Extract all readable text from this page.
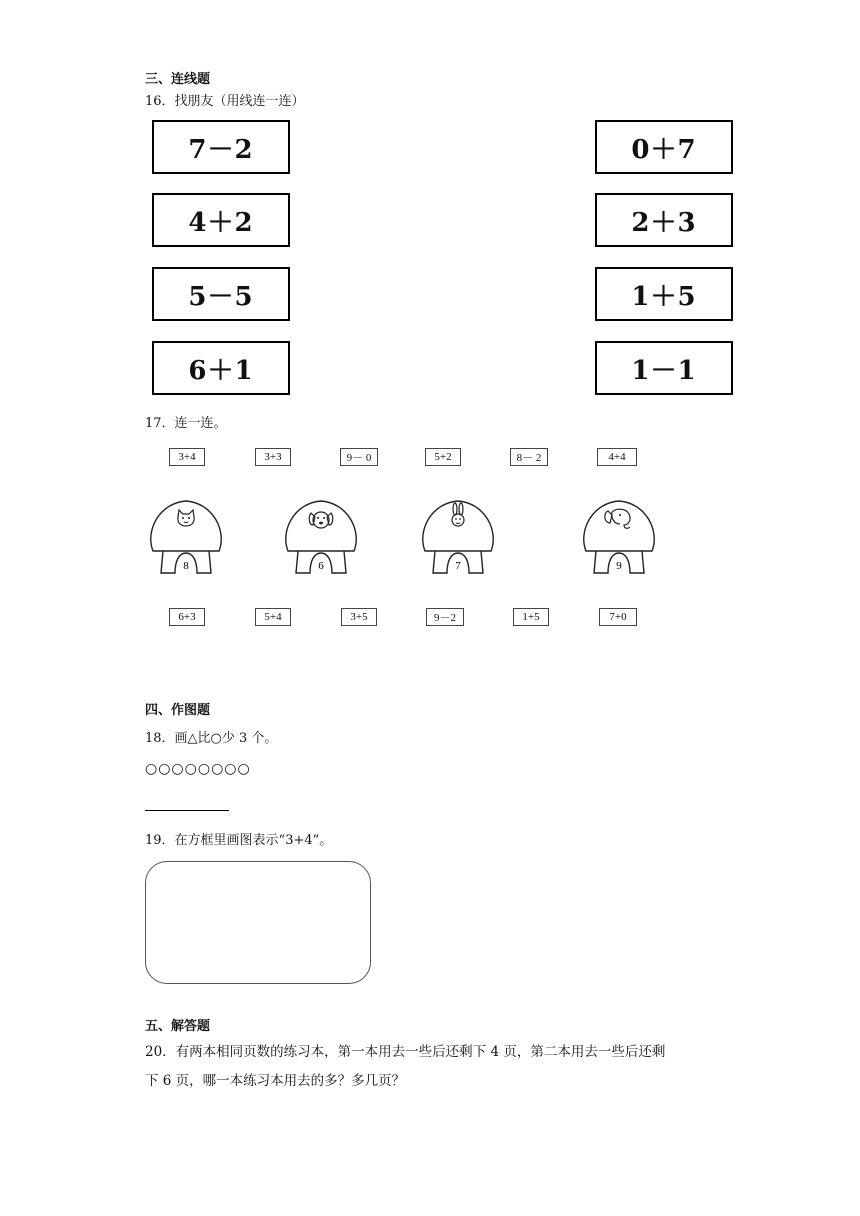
三、连线题
16．找朋友（用线连一连）
7－2
4＋2
5－5
6＋1
0＋7
2＋3
1＋5
1－1
17．连一连。
3+4	3+3	9－ 0	5+2	8－ 2	4+4
8	6	7	9
6+3	5+4	3+5	9－2	1+5	7+0
四、作图题
18．画△比○少 3 个。
○○○○○○○○
19．在方框里画图表示“3+4”。
五、解答题
20．有两本相同页数的练习本，第一本用去一些后还剩下 4 页，第二本用去一些后还剩
下 6 页，哪一本练习本用去的多？多几页？
